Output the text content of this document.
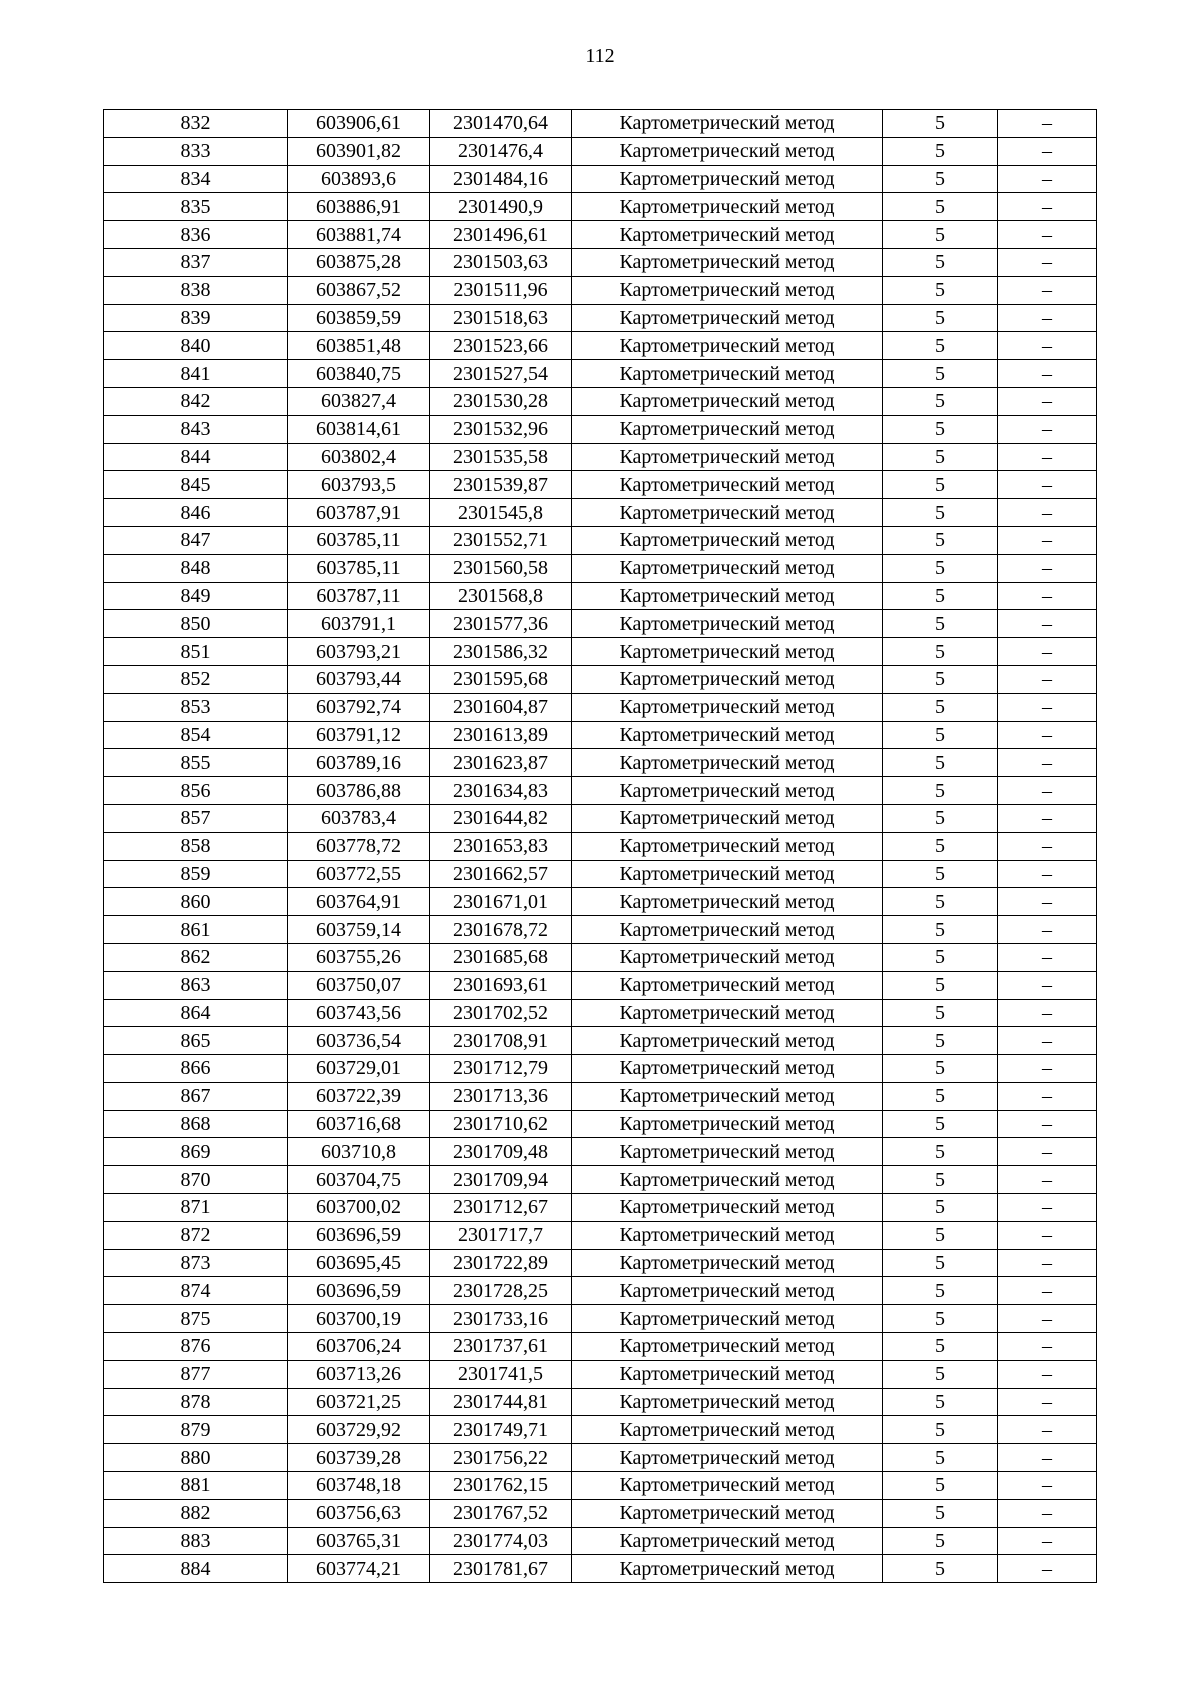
112
832	603906,61	2301470,64	Картометрический метод	5	–
833	603901,82	2301476,4	Картометрический метод	5	–
834	603893,6	2301484,16	Картометрический метод	5	–
835	603886,91	2301490,9	Картометрический метод	5	–
836	603881,74	2301496,61	Картометрический метод	5	–
837	603875,28	2301503,63	Картометрический метод	5	–
838	603867,52	2301511,96	Картометрический метод	5	–
839	603859,59	2301518,63	Картометрический метод	5	–
840	603851,48	2301523,66	Картометрический метод	5	–
841	603840,75	2301527,54	Картометрический метод	5	–
842	603827,4	2301530,28	Картометрический метод	5	–
843	603814,61	2301532,96	Картометрический метод	5	–
844	603802,4	2301535,58	Картометрический метод	5	–
845	603793,5	2301539,87	Картометрический метод	5	–
846	603787,91	2301545,8	Картометрический метод	5	–
847	603785,11	2301552,71	Картометрический метод	5	–
848	603785,11	2301560,58	Картометрический метод	5	–
849	603787,11	2301568,8	Картометрический метод	5	–
850	603791,1	2301577,36	Картометрический метод	5	–
851	603793,21	2301586,32	Картометрический метод	5	–
852	603793,44	2301595,68	Картометрический метод	5	–
853	603792,74	2301604,87	Картометрический метод	5	–
854	603791,12	2301613,89	Картометрический метод	5	–
855	603789,16	2301623,87	Картометрический метод	5	–
856	603786,88	2301634,83	Картометрический метод	5	–
857	603783,4	2301644,82	Картометрический метод	5	–
858	603778,72	2301653,83	Картометрический метод	5	–
859	603772,55	2301662,57	Картометрический метод	5	–
860	603764,91	2301671,01	Картометрический метод	5	–
861	603759,14	2301678,72	Картометрический метод	5	–
862	603755,26	2301685,68	Картометрический метод	5	–
863	603750,07	2301693,61	Картометрический метод	5	–
864	603743,56	2301702,52	Картометрический метод	5	–
865	603736,54	2301708,91	Картометрический метод	5	–
866	603729,01	2301712,79	Картометрический метод	5	–
867	603722,39	2301713,36	Картометрический метод	5	–
868	603716,68	2301710,62	Картометрический метод	5	–
869	603710,8	2301709,48	Картометрический метод	5	–
870	603704,75	2301709,94	Картометрический метод	5	–
871	603700,02	2301712,67	Картометрический метод	5	–
872	603696,59	2301717,7	Картометрический метод	5	–
873	603695,45	2301722,89	Картометрический метод	5	–
874	603696,59	2301728,25	Картометрический метод	5	–
875	603700,19	2301733,16	Картометрический метод	5	–
876	603706,24	2301737,61	Картометрический метод	5	–
877	603713,26	2301741,5	Картометрический метод	5	–
878	603721,25	2301744,81	Картометрический метод	5	–
879	603729,92	2301749,71	Картометрический метод	5	–
880	603739,28	2301756,22	Картометрический метод	5	–
881	603748,18	2301762,15	Картометрический метод	5	–
882	603756,63	2301767,52	Картометрический метод	5	–
883	603765,31	2301774,03	Картометрический метод	5	–
884	603774,21	2301781,67	Картометрический метод	5	–
